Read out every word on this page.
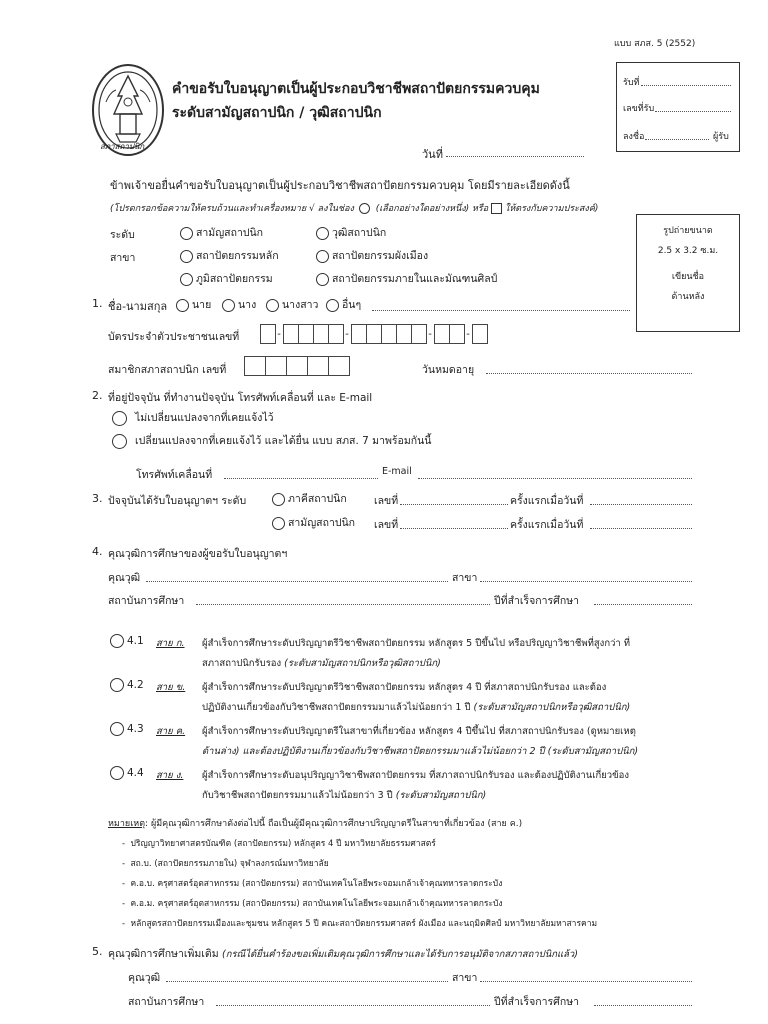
แบบ สภส. 5 (2552)
สภาสถาปนิก
คำขอรับใบอนุญาตเป็นผู้ประกอบวิชาชีพสถาปัตยกรรมควบคุม
ระดับสามัญสถาปนิก / วุฒิสถาปนิก
วันที่
รับที่
เลขที่รับ
ลงชื่อ	ผู้รับ
ข้าพเจ้าขอยื่นคำขอรับใบอนุญาตเป็นผู้ประกอบวิชาชีพสถาปัตยกรรมควบคุม โดยมีรายละเอียดดังนี้
(โปรดกรอกข้อความให้ครบถ้วนและทำเครื่องหมาย √ ลงในช่อง (เลือกอย่างใดอย่างหนึ่ง) หรือ ให้ตรงกับความประสงค์)
รูปถ่ายขนาด
2.5 x 3.2 ซ.ม.
เขียนชื่อ
ด้านหลัง
ระดับ	สามัญสถาปนิก	วุฒิสถาปนิก
สาขา	สถาปัตยกรรมหลัก	สถาปัตยกรรมผังเมือง
ภูมิสถาปัตยกรรม	สถาปัตยกรรมภายในและมัณฑนศิลป์
1. ชื่อ-นามสกุล	นาย	นาง	นางสาว	อื่นๆ
บัตรประจำตัวประชาชนเลขที่	-	-	-	-
สมาชิกสภาสถาปนิก เลขที่	วันหมดอายุ
2. ที่อยู่ปัจจุบัน ที่ทำงานปัจจุบัน โทรศัพท์เคลื่อนที่ และ E-mail
ไม่เปลี่ยนแปลงจากที่เคยแจ้งไว้
เปลี่ยนแปลงจากที่เคยแจ้งไว้ และได้ยื่น แบบ สภส. 7 มาพร้อมกันนี้
โทรศัพท์เคลื่อนที่	E-mail
3. ปัจจุบันได้รับใบอนุญาตฯ ระดับ	ภาคีสถาปนิก	เลขที่	ครั้งแรกเมื่อวันที่
สามัญสถาปนิก เลขที่	ครั้งแรกเมื่อวันที่
4. คุณวุฒิการศึกษาของผู้ขอรับใบอนุญาตฯ
คุณวุฒิ	สาขา
สถาบันการศึกษา	ปีที่สำเร็จการศึกษา
4.1 สาย ก. ผู้สำเร็จการศึกษาระดับปริญญาตรีวิชาชีพสถาปัตยกรรม หลักสูตร 5 ปีขึ้นไป หรือปริญญาวิชาชีพที่สูงกว่า ที่
สภาสถาปนิกรับรอง (ระดับสามัญสถาปนิกหรือวุฒิสถาปนิก)
4.2 สาย ข. ผู้สำเร็จการศึกษาระดับปริญญาตรีวิชาชีพสถาปัตยกรรม หลักสูตร 4 ปี ที่สภาสถาปนิกรับรอง และต้อง
ปฏิบัติงานเกี่ยวข้องกับวิชาชีพสถาปัตยกรรมมาแล้วไม่น้อยกว่า 1 ปี (ระดับสามัญสถาปนิกหรือวุฒิสถาปนิก)
4.3 สาย ค. ผู้สำเร็จการศึกษาระดับปริญญาตรีในสาขาที่เกี่ยวข้อง หลักสูตร 4 ปีขึ้นไป ที่สภาสถาปนิกรับรอง (ดูหมายเหตุ
ด้านล่าง) และต้องปฏิบัติงานเกี่ยวข้องกับวิชาชีพสถาปัตยกรรมมาแล้วไม่น้อยกว่า 2 ปี (ระดับสามัญสถาปนิก)
4.4 สาย ง. ผู้สำเร็จการศึกษาระดับอนุปริญญาวิชาชีพสถาปัตยกรรม ที่สภาสถาปนิกรับรอง และต้องปฏิบัติงานเกี่ยวข้อง
กับวิชาชีพสถาปัตยกรรมมาแล้วไม่น้อยกว่า 3 ปี (ระดับสามัญสถาปนิก)
หมายเหตุ: ผู้มีคุณวุฒิการศึกษาดังต่อไปนี้ ถือเป็นผู้มีคุณวุฒิการศึกษาปริญญาตรีในสาขาที่เกี่ยวข้อง (สาย ค.)
-  ปริญญาวิทยาศาสตรบัณฑิต (สถาปัตยกรรม) หลักสูตร 4 ปี มหาวิทยาลัยธรรมศาสตร์
-  สถ.บ. (สถาปัตยกรรมภายใน) จุฬาลงกรณ์มหาวิทยาลัย
-  ค.อ.บ. ครุศาสตร์อุตสาหกรรม (สถาปัตยกรรม) สถาบันเทคโนโลยีพระจอมเกล้าเจ้าคุณทหารลาดกระบัง
-  ค.อ.ม. ครุศาสตร์อุตสาหกรรม (สถาปัตยกรรม) สถาบันเทคโนโลยีพระจอมเกล้าเจ้าคุณทหารลาดกระบัง
-  หลักสูตรสถาปัตยกรรมเมืองและชุมชน หลักสูตร 5 ปี คณะสถาปัตยกรรมศาสตร์ ผังเมือง และนฤมิตศิลป์ มหาวิทยาลัยมหาสารคาม
5. คุณวุฒิการศึกษาเพิ่มเติม (กรณีได้ยื่นคำร้องขอเพิ่มเติมคุณวุฒิการศึกษาและได้รับการอนุมัติจากสภาสถาปนิกแล้ว)
คุณวุฒิ	สาขา
สถาบันการศึกษา	ปีที่สำเร็จการศึกษา
